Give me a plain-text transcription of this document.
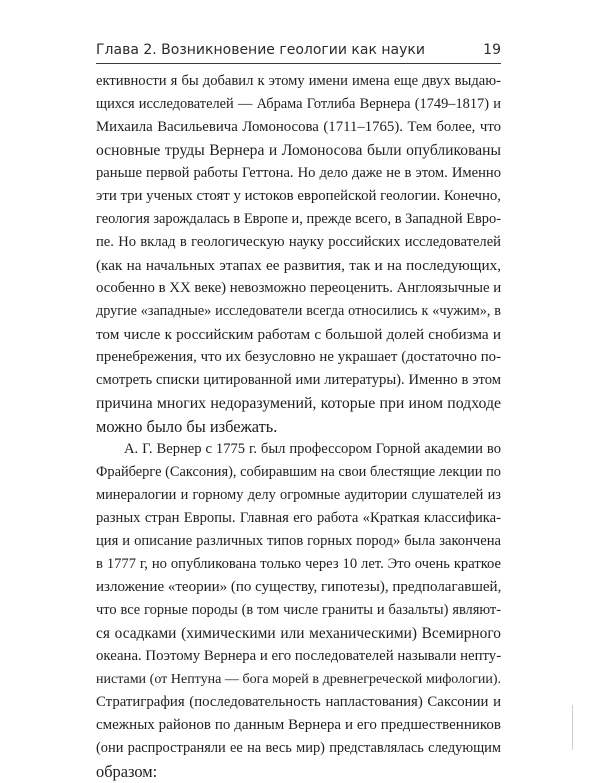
Глава 2. Возникновение геологии как науки	19
ективности я бы добавил к этому имени имена еще двух выдаю-
щихся исследователей — Абрама Готлиба Вернера (1749–1817) и
Михаила Васильевича Ломоносова (1711–1765). Тем более, что
основные труды Вернера и Ломоносова были опубликованы
раньше первой работы Геттона. Но дело даже не в этом. Именно
эти три ученых стоят у истоков европейской геологии. Конечно,
геология зарождалась в Европе и, прежде всего, в Западной Евро-
пе. Но вклад в геологическую науку российских исследователей
(как на начальных этапах ее развития, так и на последующих,
особенно в XX веке) невозможно переоценить. Англоязычные и
другие «западные» исследователи всегда относились к «чужим», в
том числе к российским работам с большой долей снобизма и
пренебрежения, что их безусловно не украшает (достаточно по-
смотреть списки цитированной ими литературы). Именно в этом
причина многих недоразумений, которые при ином подходе
можно было бы избежать.
А. Г. Вернер с 1775 г. был профессором Горной академии во
Фрайберге (Саксония), собиравшим на свои блестящие лекции по
минералогии и горному делу огромные аудитории слушателей из
разных стран Европы. Главная его работа «Краткая классифика-
ция и описание различных типов горных пород» была закончена
в 1777 г, но опубликована только через 10 лет. Это очень краткое
изложение «теории» (по существу, гипотезы), предполагавшей,
что все горные породы (в том числе граниты и базальты) являют-
ся осадками (химическими или механическими) Всемирного
океана. Поэтому Вернера и его последователей называли непту-
нистами (от Нептуна — бога морей в древнегреческой мифологии).
Стратиграфия (последовательность напластования) Саксонии и
смежных районов по данным Вернера и его предшественников
(они распространяли ее на весь мир) представлялась следующим
образом:
